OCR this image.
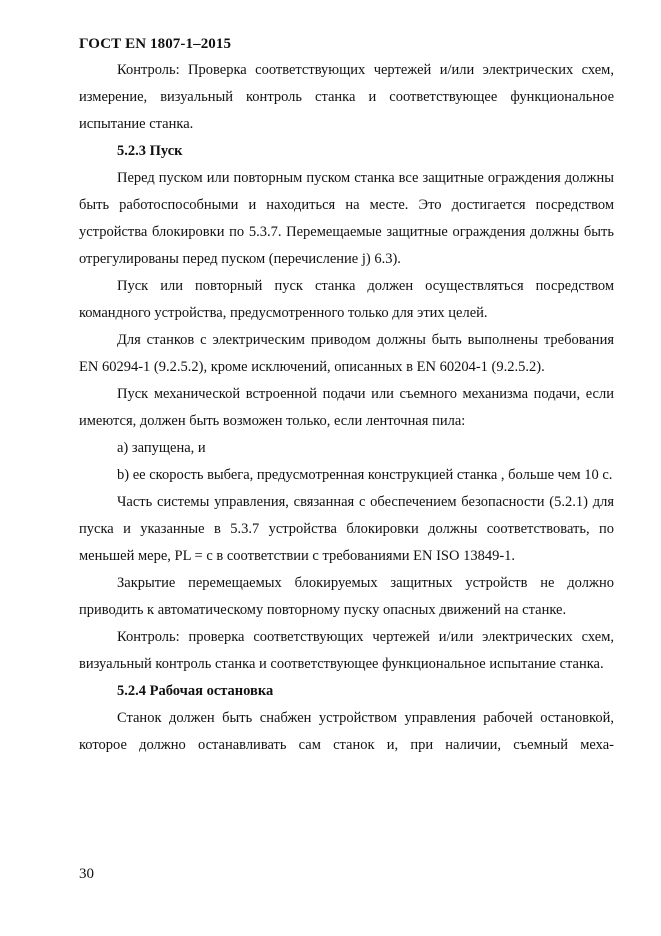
ГОСТ EN 1807-1–2015

Контроль: Проверка соответствующих чертежей и/или электрических схем, измерение, визуальный контроль станка и соответствующее функциональное испытание станка.

5.2.3 Пуск

Перед пуском или повторным пуском станка все защитные ограждения должны быть работоспособными и находиться на месте. Это достигается посредством устройства блокировки по 5.3.7. Перемещаемые защитные ограждения должны быть отрегулированы перед пуском (перечисление j) 6.3).

Пуск или повторный пуск станка должен осуществляться посредством командного устройства, предусмотренного только для этих целей.

Для станков с электрическим приводом должны быть выполнены требования EN 60294-1 (9.2.5.2), кроме исключений, описанных в EN 60204-1 (9.2.5.2).

Пуск механической встроенной подачи или съемного механизма подачи, если имеются, должен быть возможен только, если ленточная пила:

а) запущена, и

b) ее скорость выбега, предусмотренная конструкцией станка , больше чем 10 с.

Часть системы управления, связанная с обеспечением безопасности (5.2.1) для пуска и указанные в 5.3.7 устройства блокировки должны соответствовать, по меньшей мере, PL = c в соответствии с требованиями EN ISO 13849-1.

Закрытие перемещаемых блокируемых защитных устройств не должно приводить к автоматическому повторному пуску опасных движений на станке.

Контроль: проверка соответствующих чертежей и/или электрических схем, визуальный контроль станка и соответствующее функциональное испытание станка.

5.2.4 Рабочая остановка

Станок должен быть снабжен устройством управления рабочей остановкой, которое должно останавливать сам станок и, при наличии, съемный меха-

30
